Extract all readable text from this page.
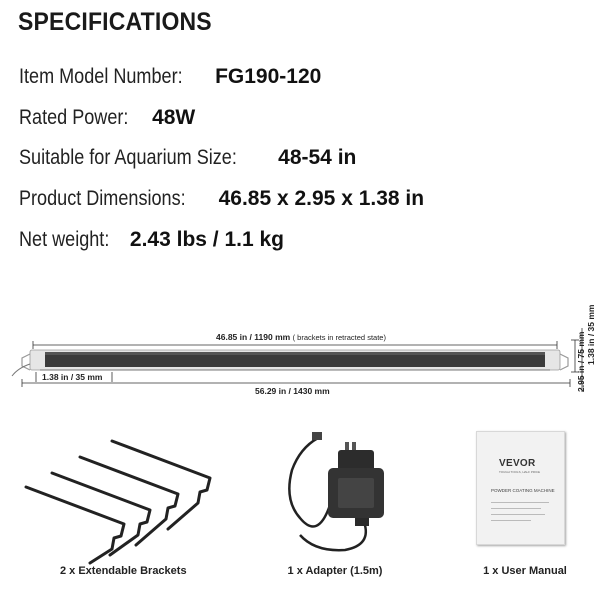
SPECIFICATIONS
Item Model Number: FG190-120
Rated Power: 48W
Suitable for Aquarium Size: 48-54 in
Product Dimensions: 46.85 x 2.95 x 1.38 in
Net weight: 2.43 lbs / 1.1 kg
46.85 in / 1190 mm ( brackets in retracted state)
1.38 in / 35 mm
56.29 in / 1430 mm	2.95 in / 75 mm 1.38 in / 35 mm
VEVOR
TOUGH TOOLS, HALF PRICE
POWDER COATING MACHINE
2 x Extendable Brackets	1 x Adapter (1.5m)	1 x User Manual
